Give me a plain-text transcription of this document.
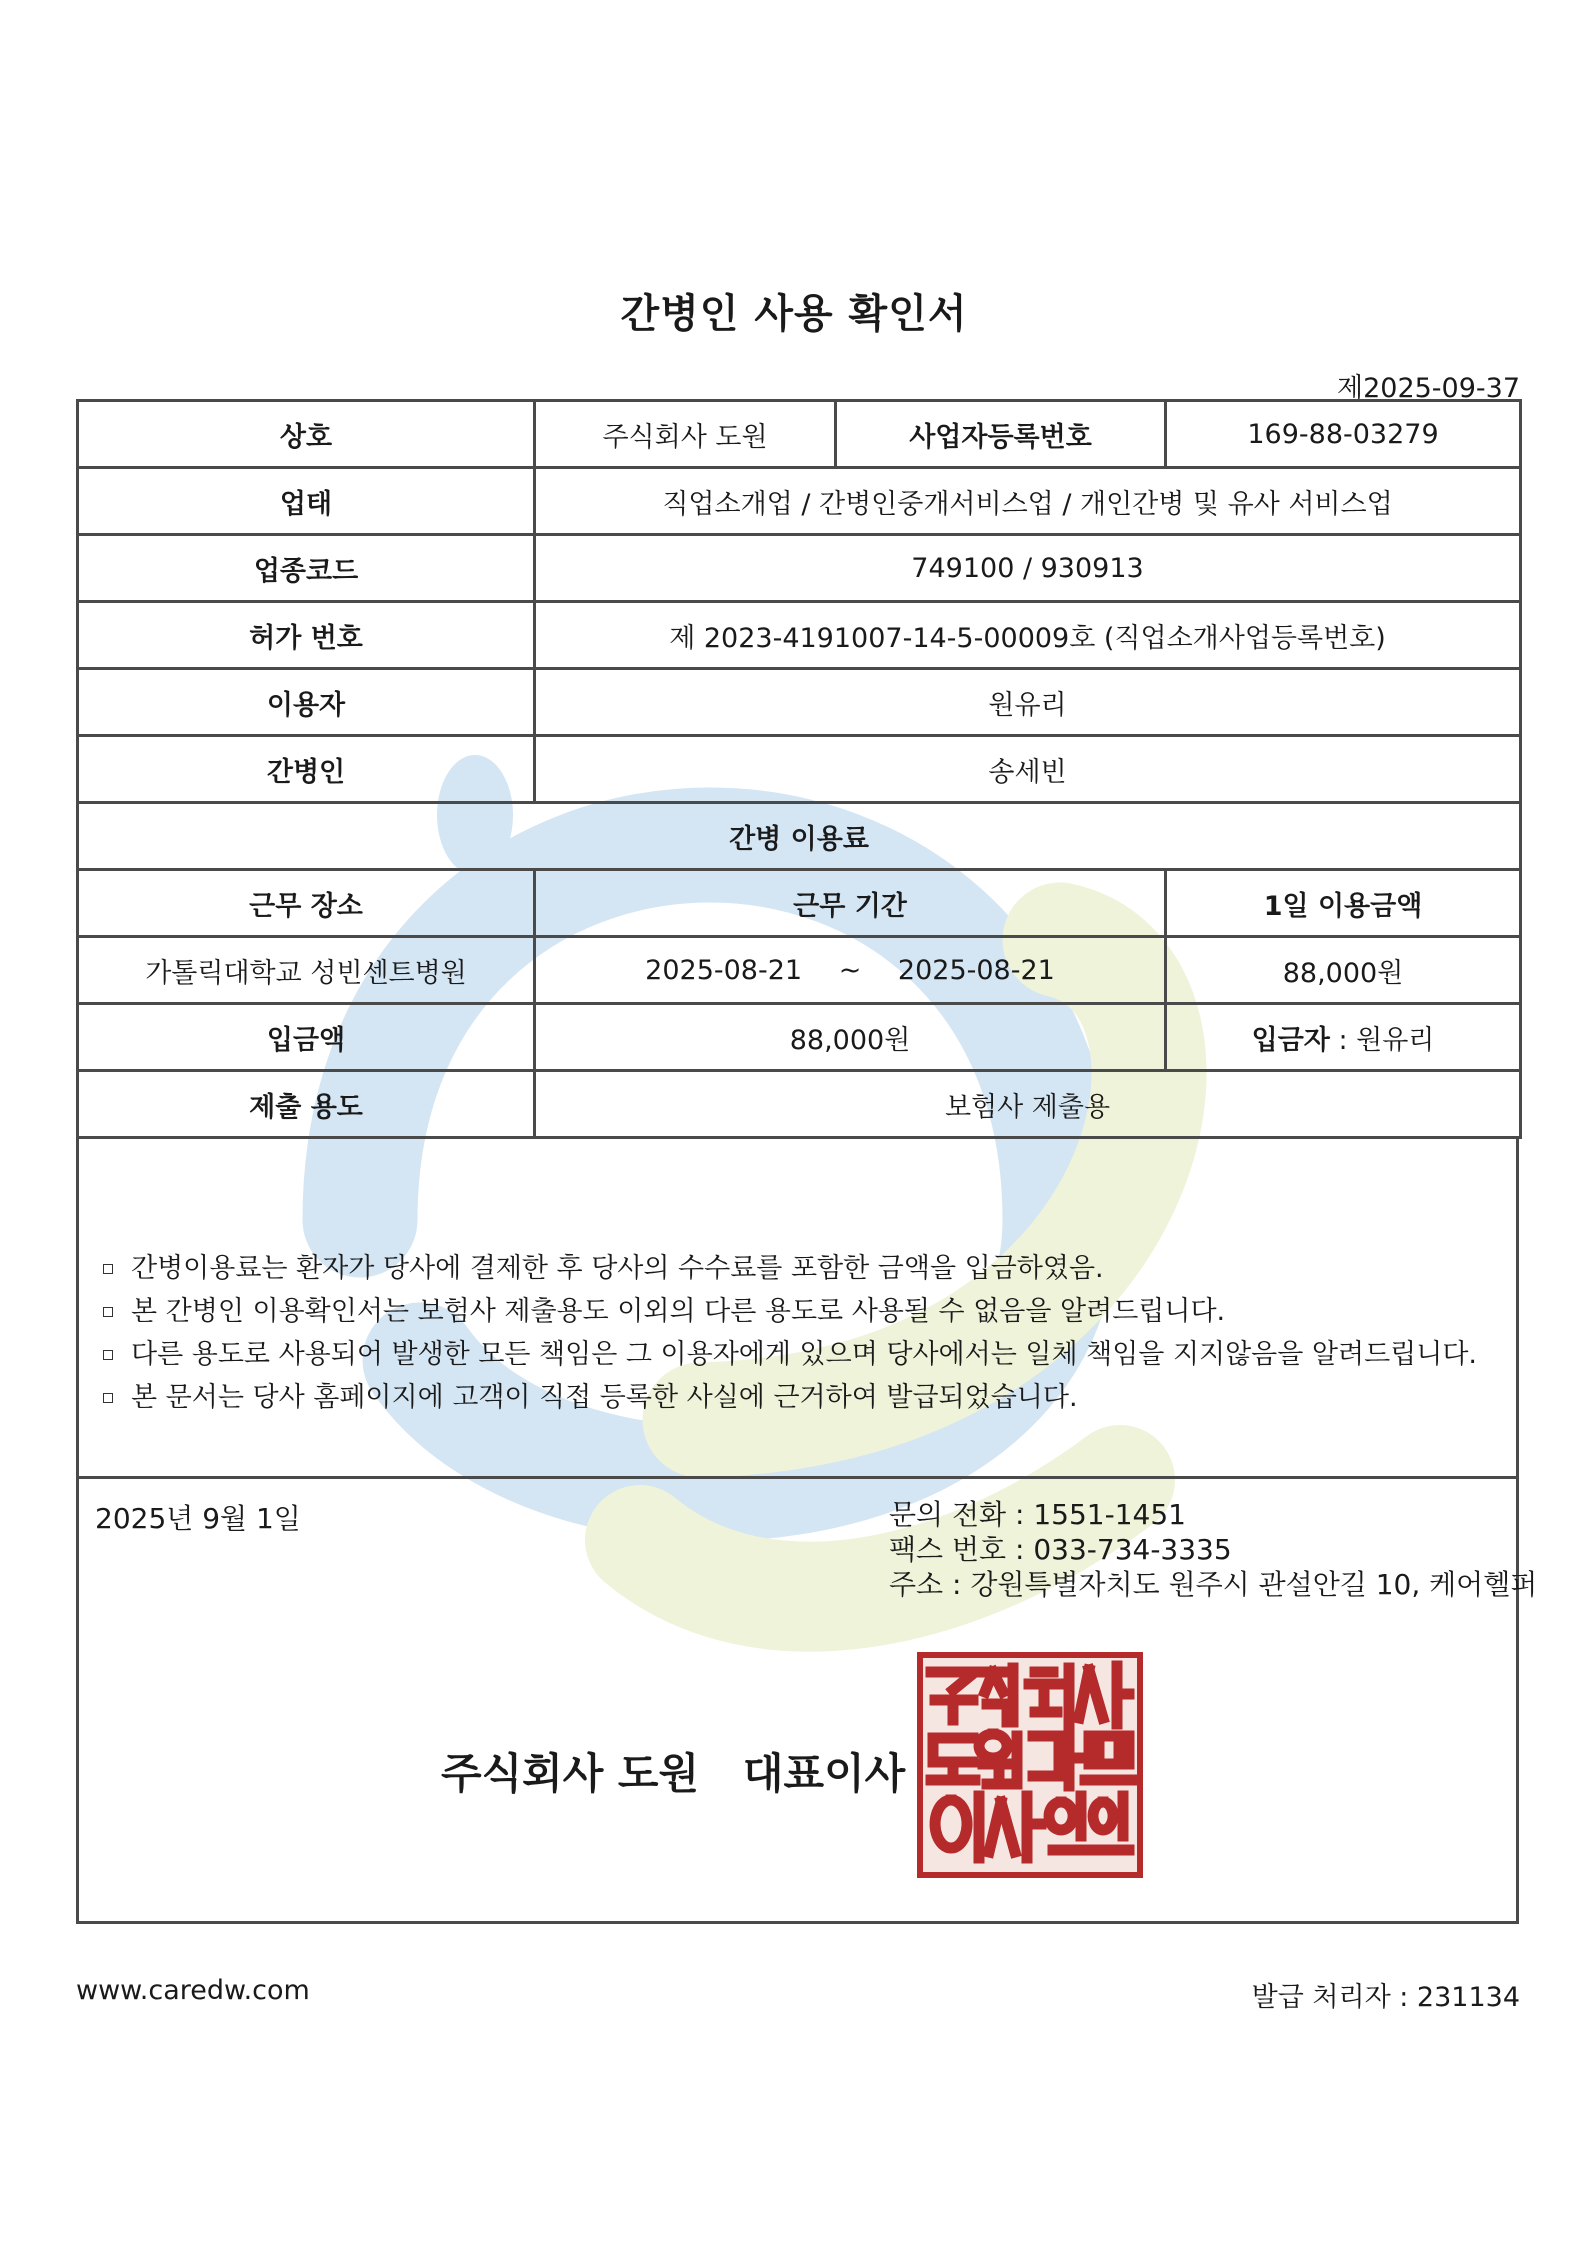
간병인 사용 확인서
제2025-09-37
상호	주식회사 도원	사업자등록번호	169-88-03279
업태	직업소개업 / 간병인중개서비스업 / 개인간병 및 유사 서비스업		
업종코드	749100 / 930913		
허가 번호	제 2023-4191007-14-5-00009호 (직업소개사업등록번호)		
이용자	원유리		
간병인	송세빈		
간병 이용료			
근무 장소	근무 기간		1일 이용금액
가톨릭대학교 성빈센트병원	2025-08-21 ~ 2025-08-21		88,000원
입금액	88,000원		입금자 : 원유리
제출 용도	보험사 제출용		
간병이용료는 환자가 당사에 결제한 후 당사의 수수료를 포함한 금액을 입금하였음.
본 간병인 이용확인서는 보험사 제출용도 이외의 다른 용도로 사용될 수 없음을 알려드립니다.
다른 용도로 사용되어 발생한 모든 책임은 그 이용자에게 있으며 당사에서는 일체 책임을 지지않음을 알려드립니다.
본 문서는 당사 홈페이지에 고객이 직접 등록한 사실에 근거하여 발급되었습니다.
2025년 9월 1일	문의 전화 : 1551-1451
팩스 번호 : 033-734-3335
주소 : 강원특별자치도 원주시 관설안길 10, 케어헬퍼
주식회사 도원   대표이사
www.caredw.com	발급 처리자 : 231134
